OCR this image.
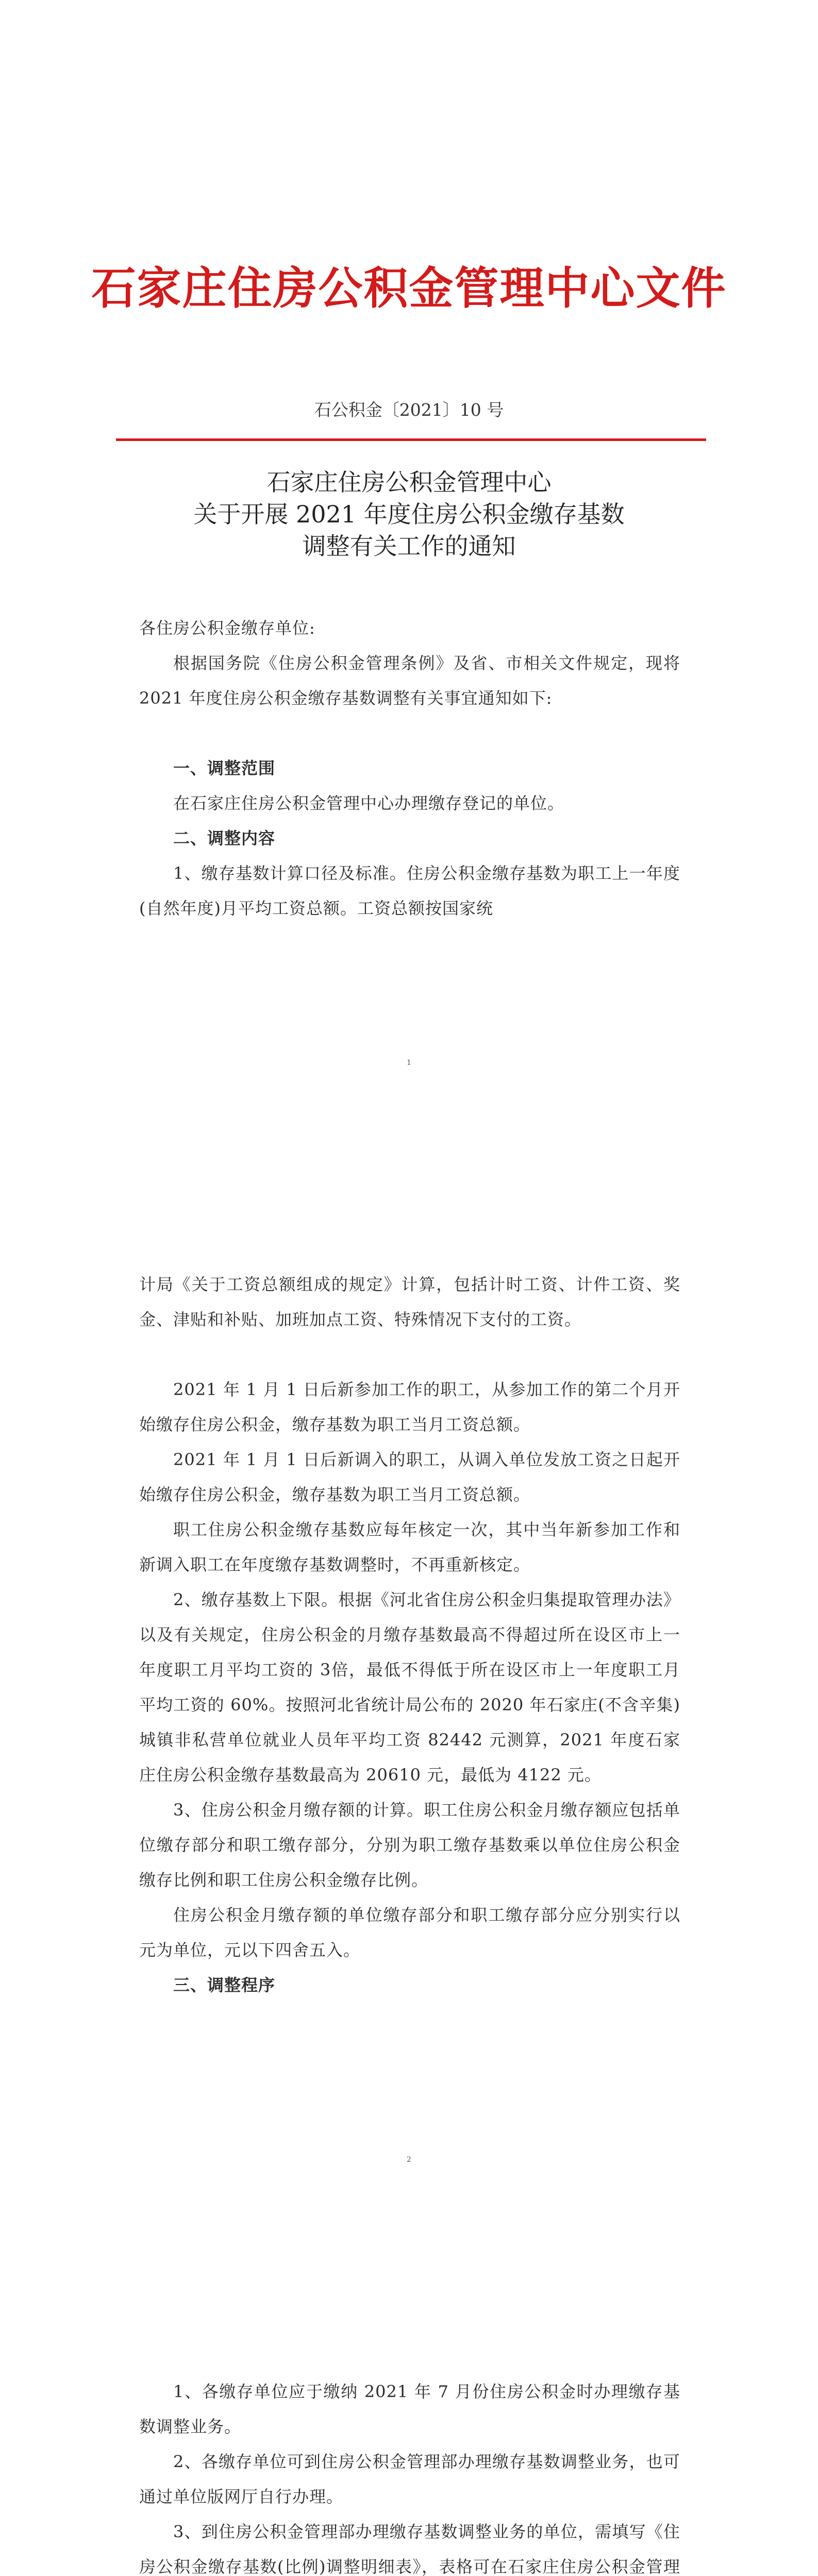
石家庄住房公积金管理中心文件
石公积金〔2021〕10 号
石家庄住房公积金管理中心
关于开展 2021 年度住房公积金缴存基数
调整有关工作的通知
各住房公积金缴存单位:
根据国务院《住房公积金管理条例》及省、市相关文件规定，现将 2021 年度住房公积金缴存基数调整有关事宜通知如下:
一、调整范围
在石家庄住房公积金管理中心办理缴存登记的单位。
二、调整内容
1、缴存基数计算口径及标准。住房公积金缴存基数为职工上一年度(自然年度)月平均工资总额。工资总额按国家统
1
计局《关于工资总额组成的规定》计算，包括计时工资、计件工资、奖金、津贴和补贴、加班加点工资、特殊情况下支付的工资。
2021 年 1 月 1 日后新参加工作的职工，从参加工作的第二个月开始缴存住房公积金，缴存基数为职工当月工资总额。
2021 年 1 月 1 日后新调入的职工，从调入单位发放工资之日起开始缴存住房公积金，缴存基数为职工当月工资总额。
职工住房公积金缴存基数应每年核定一次，其中当年新参加工作和新调入职工在年度缴存基数调整时，不再重新核定。
2、缴存基数上下限。根据《河北省住房公积金归集提取管理办法》以及有关规定，住房公积金的月缴存基数最高不得超过所在设区市上一年度职工月平均工资的 3倍，最低不得低于所在设区市上一年度职工月平均工资的 60%。按照河北省统计局公布的 2020 年石家庄(不含辛集)城镇非私营单位就业人员年平均工资 82442 元测算，2021 年度石家庄住房公积金缴存基数最高为 20610 元，最低为 4122 元。
3、住房公积金月缴存额的计算。职工住房公积金月缴存额应包括单位缴存部分和职工缴存部分，分别为职工缴存基数乘以单位住房公积金缴存比例和职工住房公积金缴存比例。
住房公积金月缴存额的单位缴存部分和职工缴存部分应分别实行以元为单位，元以下四舍五入。
三、调整程序
2
1、各缴存单位应于缴纳 2021 年 7 月份住房公积金时办理缴存基数调整业务。
2、各缴存单位可到住房公积金管理部办理缴存基数调整业务，也可通过单位版网厅自行办理。
3、到住房公积金管理部办理缴存基数调整业务的单位，需填写《住房公积金缴存基数(比例)调整明细表》，表格可在石家庄住房公积金管理
